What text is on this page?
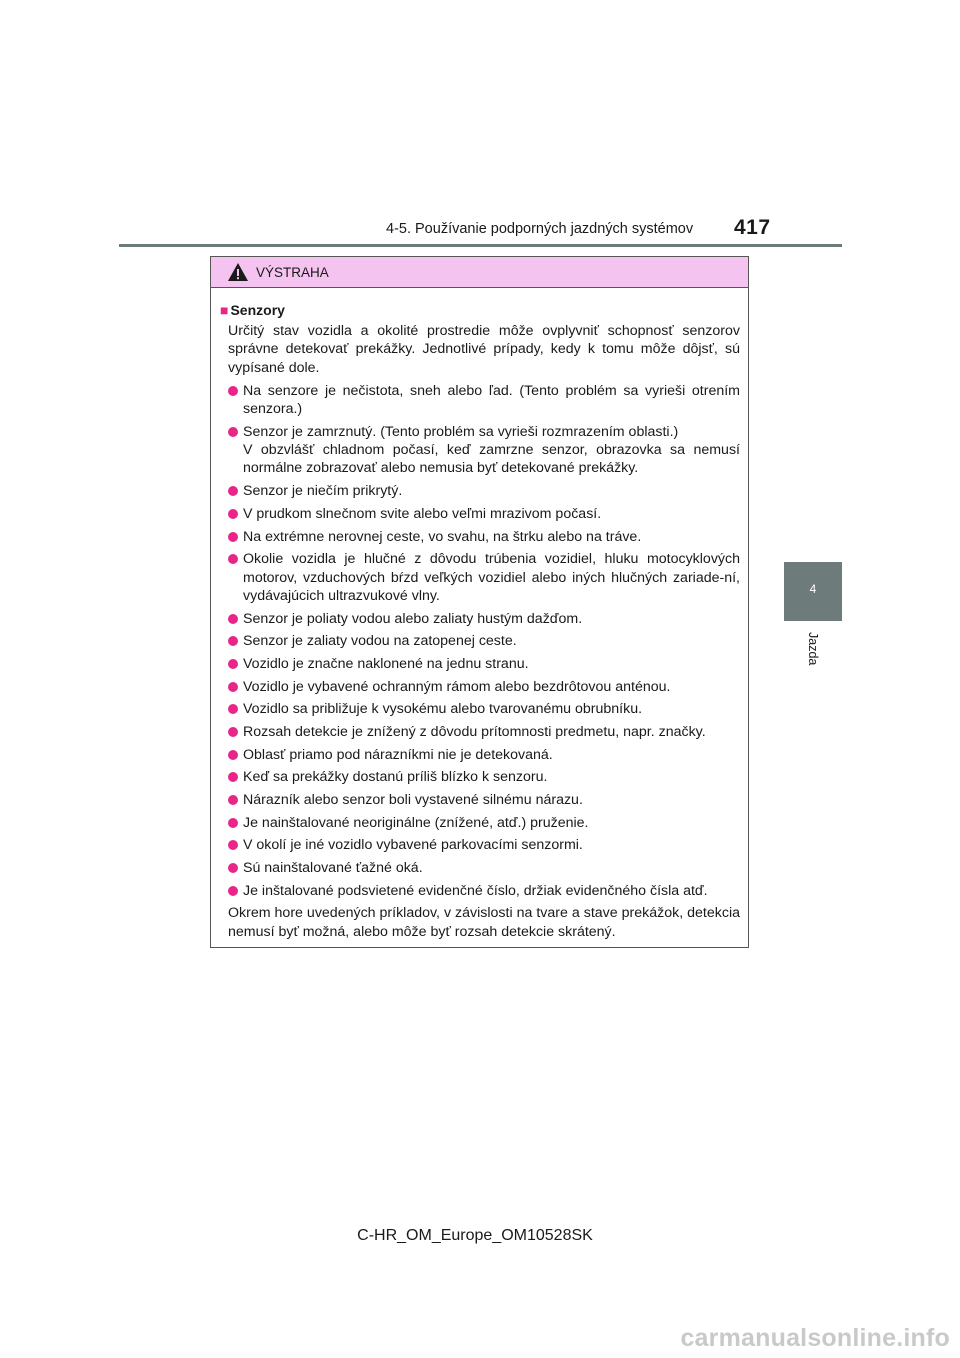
4-5. Používanie podporných jazdných systémov 417
4
Jazda
VÝSTRAHA
■ Senzory

Určitý stav vozidla a okolité prostredie môže ovplyvniť schopnosť senzorov správne detekovať prekážky. Jednotlivé prípady, kedy k tomu môže dôjsť, sú vypísané dole.

Na senzore je nečistota, sneh alebo ľad. (Tento problém sa vyrieši otrením senzora.)
Senzor je zamrznutý. (Tento problém sa vyrieši rozmrazením oblasti.)
V obzvlášť chladnom počasí, keď zamrzne senzor, obrazovka sa nemusí normálne zobrazovať alebo nemusia byť detekované prekážky.
Senzor je niečím prikrytý.
V prudkom slnečnom svite alebo veľmi mrazivom počasí.
Na extrémne nerovnej ceste, vo svahu, na štrku alebo na tráve.
Okolie vozidla je hlučné z dôvodu trúbenia vozidiel, hluku motocyklových motorov, vzduchových bŕzd veľkých vozidiel alebo iných hlučných zariade-ní, vydávajúcich ultrazvukové vlny.
Senzor je poliaty vodou alebo zaliaty hustým dažďom.
Senzor je zaliaty vodou na zatopenej ceste.
Vozidlo je značne naklonené na jednu stranu.
Vozidlo je vybavené ochranným rámom alebo bezdrôtovou anténou.
Vozidlo sa približuje k vysokému alebo tvarovanému obrubníku.
Rozsah detekcie je znížený z dôvodu prítomnosti predmetu, napr. značky.
Oblasť priamo pod nárazníkmi nie je detekovaná.
Keď sa prekážky dostanú príliš blízko k senzoru.
Nárazník alebo senzor boli vystavené silnému nárazu.
Je nainštalované neoriginálne (znížené, atď.) pruženie.
V okolí je iné vozidlo vybavené parkovacími senzormi.
Sú nainštalované ťažné oká.
Je inštalované podsvietené evidenčné číslo, držiak evidenčného čísla atď.

Okrem hore uvedených príkladov, v závislosti na tvare a stave prekážok, detekcia nemusí byť možná, alebo môže byť rozsah detekcie skrátený.

C-HR_OM_Europe_OM10528SK
carmanualsonline.info
